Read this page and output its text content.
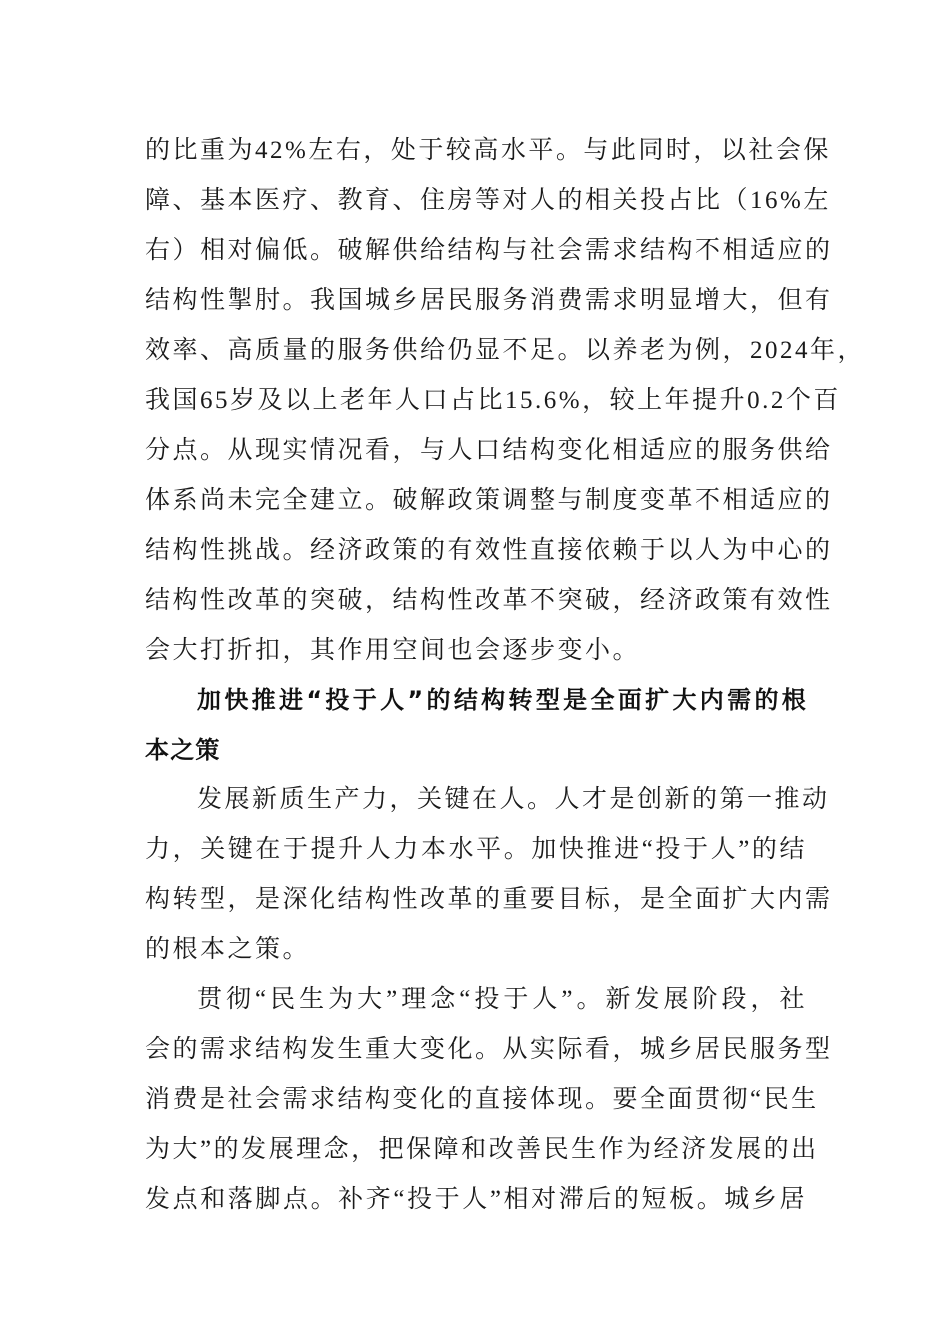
的比重为42%左右，处于较高水平。与此同时，以社会保
障、基本医疗、教育、住房等对人的相关投占比（16%左
右）相对偏低。破解供给结构与社会需求结构不相适应的
结构性掣肘。我国城乡居民服务消费需求明显增大，但有
效率、高质量的服务供给仍显不足。以养老为例，2024年，
我国65岁及以上老年人口占比15.6%，较上年提升0.2个百
分点。从现实情况看，与人口结构变化相适应的服务供给
体系尚未完全建立。破解政策调整与制度变革不相适应的
结构性挑战。经济政策的有效性直接依赖于以人为中心的
结构性改革的突破，结构性改革不突破，经济政策有效性
会大打折扣，其作用空间也会逐步变小。
加快推进“投于人”的结构转型是全面扩大内需的根
本之策
发展新质生产力，关键在人。人才是创新的第一推动
力，关键在于提升人力本水平。加快推进“投于人”的结
构转型，是深化结构性改革的重要目标，是全面扩大内需
的根本之策。
贯彻“民生为大”理念“投于人”。新发展阶段，社
会的需求结构发生重大变化。从实际看，城乡居民服务型
消费是社会需求结构变化的直接体现。要全面贯彻“民生
为大”的发展理念，把保障和改善民生作为经济发展的出
发点和落脚点。补齐“投于人”相对滞后的短板。城乡居
